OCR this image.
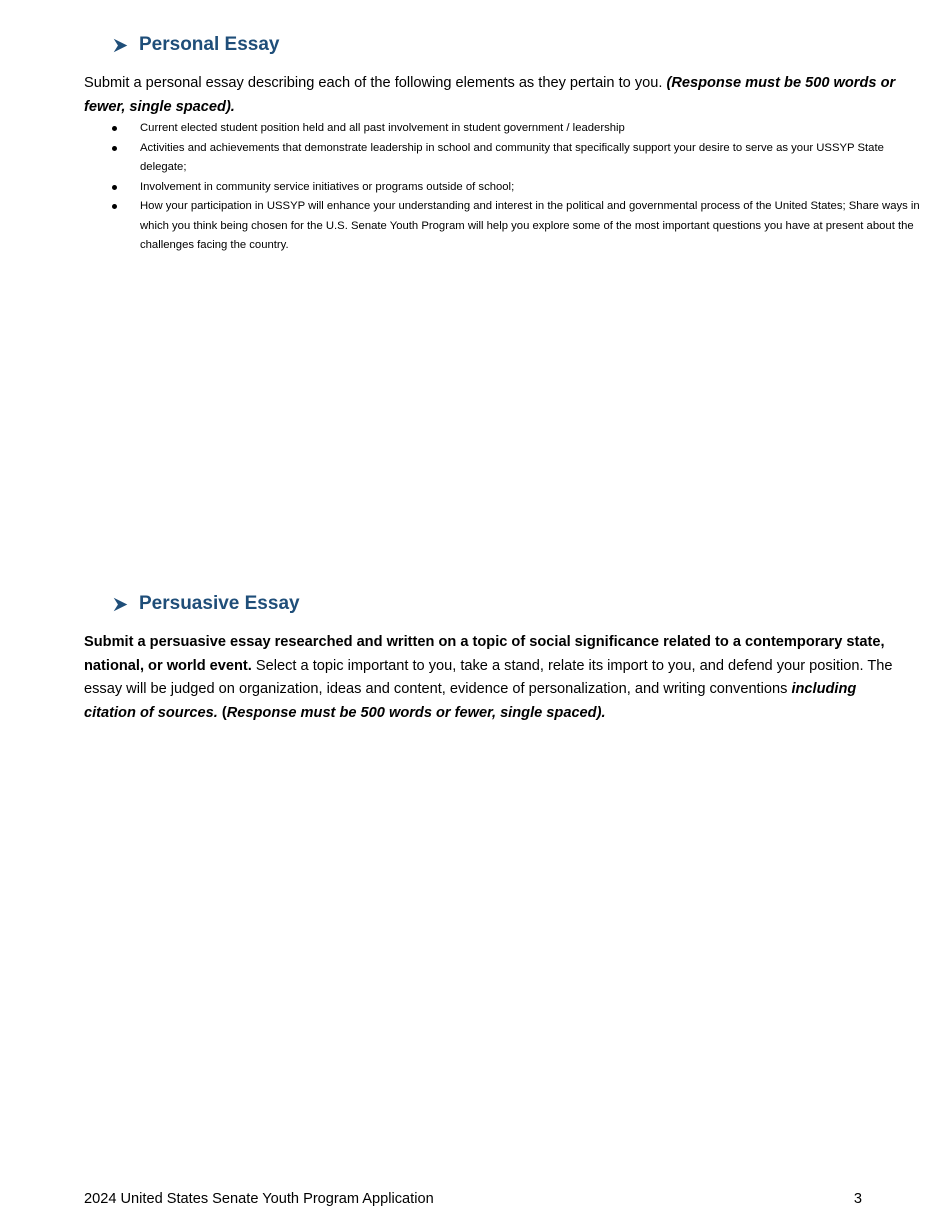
Personal Essay
Submit a personal essay describing each of the following elements as they pertain to you. (Response must be 500 words or fewer, single spaced).
Current elected student position held and all past involvement in student government / leadership
Activities and achievements that demonstrate leadership in school and community that specifically support your desire to serve as your USSYP State delegate;
Involvement in community service initiatives or programs outside of school;
How your participation in USSYP will enhance your understanding and interest in the political and governmental process of the United States; Share ways in which you think being chosen for the U.S. Senate Youth Program will help you explore some of the most important questions you have at present about the challenges facing the country.
Persuasive Essay
Submit a persuasive essay researched and written on a topic of social significance related to a contemporary state, national, or world event. Select a topic important to you, take a stand, relate its import to you, and defend your position. The essay will be judged on organization, ideas and content, evidence of personalization, and writing conventions including citation of sources. (Response must be 500 words or fewer, single spaced).
2024 United States Senate Youth Program Application	3
